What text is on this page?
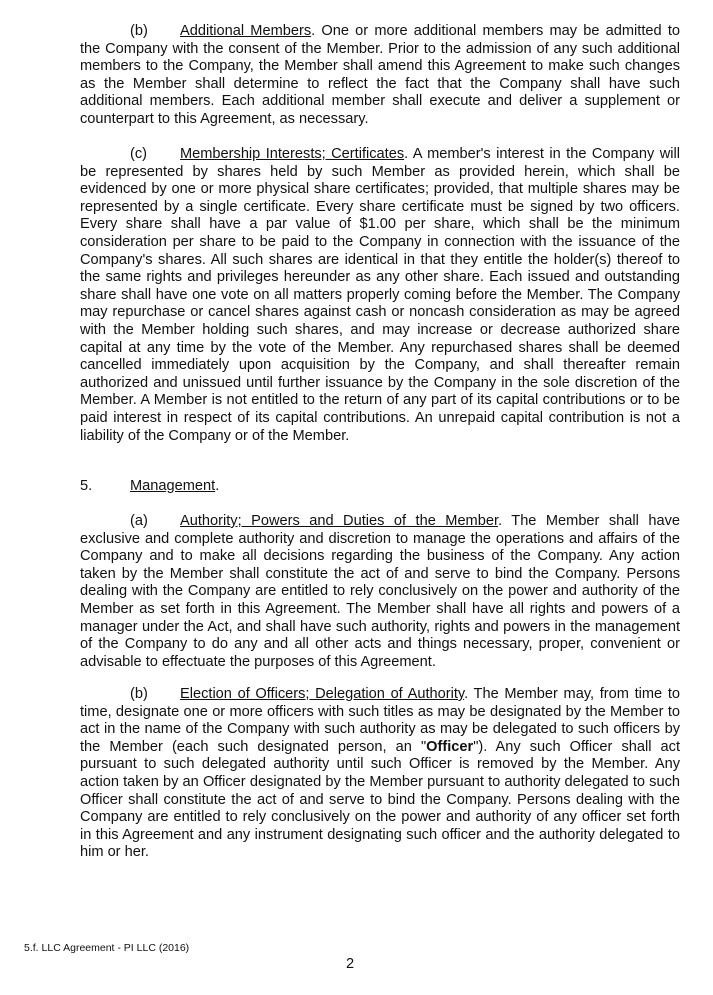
(b) Additional Members. One or more additional members may be admitted to the Company with the consent of the Member. Prior to the admission of any such additional members to the Company, the Member shall amend this Agreement to make such changes as the Member shall determine to reflect the fact that the Company shall have such additional members. Each additional member shall execute and deliver a supplement or counterpart to this Agreement, as necessary.

(c) Membership Interests; Certificates. A member's interest in the Company will be represented by shares held by such Member as provided herein, which shall be evidenced by one or more physical share certificates; provided, that multiple shares may be represented by a single certificate. Every share certificate must be signed by two officers. Every share shall have a par value of $1.00 per share, which shall be the minimum consideration per share to be paid to the Company in connection with the issuance of the Company's shares. All such shares are identical in that they entitle the holder(s) thereof to the same rights and privileges hereunder as any other share. Each issued and outstanding share shall have one vote on all matters properly coming before the Member. The Company may repurchase or cancel shares against cash or noncash consideration as may be agreed with the Member holding such shares, and may increase or decrease authorized share capital at any time by the vote of the Member. Any repurchased shares shall be deemed cancelled immediately upon acquisition by the Company, and shall thereafter remain authorized and unissued until further issuance by the Company in the sole discretion of the Member. A Member is not entitled to the return of any part of its capital contributions or to be paid interest in respect of its capital contributions. An unrepaid capital contribution is not a liability of the Company or of the Member.

5.	Management.

(a) Authority; Powers and Duties of the Member. The Member shall have exclusive and complete authority and discretion to manage the operations and affairs of the Company and to make all decisions regarding the business of the Company. Any action taken by the Member shall constitute the act of and serve to bind the Company. Persons dealing with the Company are entitled to rely conclusively on the power and authority of the Member as set forth in this Agreement. The Member shall have all rights and powers of a manager under the Act, and shall have such authority, rights and powers in the management of the Company to do any and all other acts and things necessary, proper, convenient or advisable to effectuate the purposes of this Agreement.

(b) Election of Officers; Delegation of Authority. The Member may, from time to time, designate one or more officers with such titles as may be designated by the Member to act in the name of the Company with such authority as may be delegated to such officers by the Member (each such designated person, an "Officer"). Any such Officer shall act pursuant to such delegated authority until such Officer is removed by the Member. Any action taken by an Officer designated by the Member pursuant to authority delegated to such Officer shall constitute the act of and serve to bind the Company. Persons dealing with the Company are entitled to rely conclusively on the power and authority of any officer set forth in this Agreement and any instrument designating such officer and the authority delegated to him or her.

5.f. LLC Agreement - PI LLC (2016)
2
